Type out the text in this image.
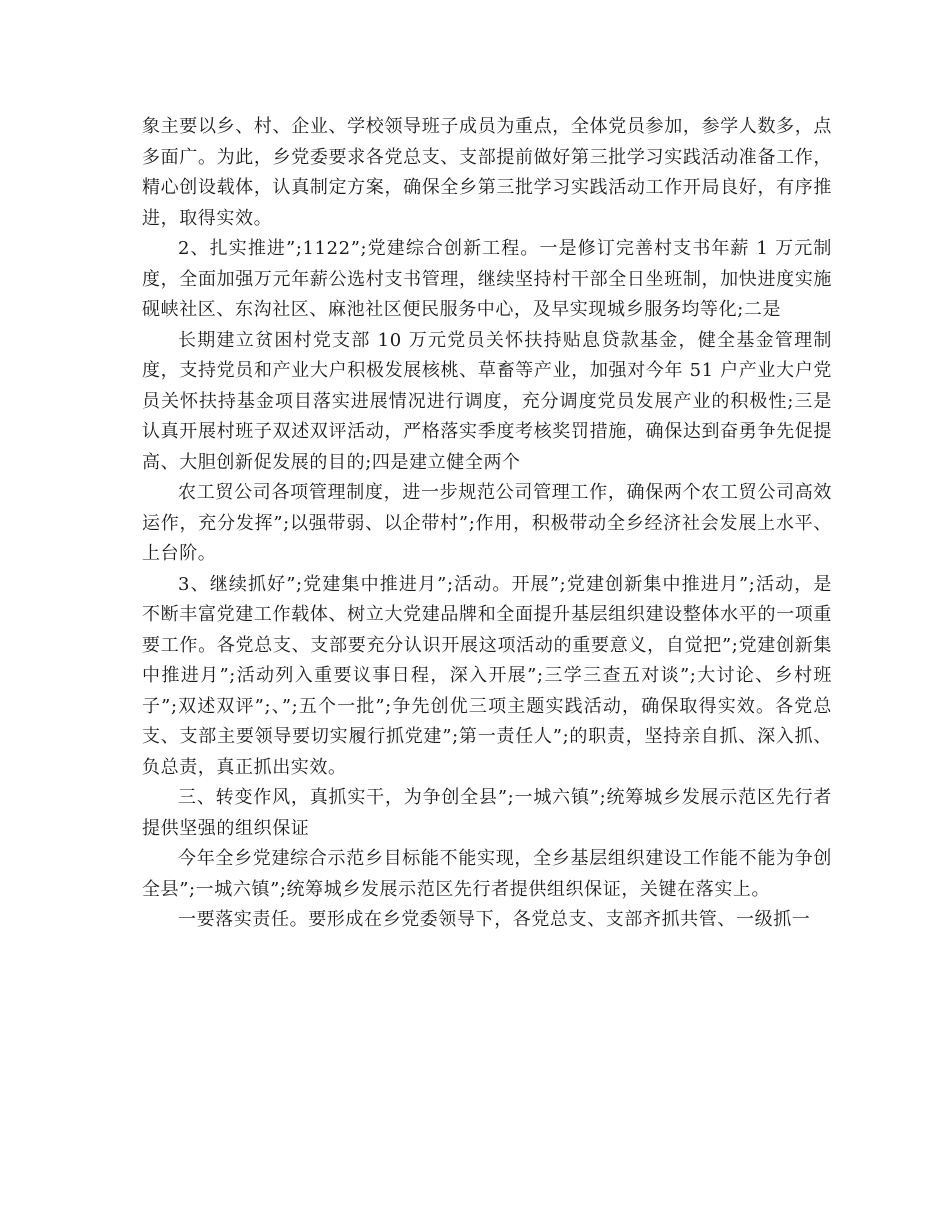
象主要以乡、村、企业、学校领导班子成员为重点，全体党员参加，参学人数多，点多面广。为此，乡党委要求各党总支、支部提前做好第三批学习实践活动准备工作，精心创设载体，认真制定方案，确保全乡第三批学习实践活动工作开局良好，有序推进，取得实效。

2、扎实推进”;1122”;党建综合创新工程。一是修订完善村支书年薪 1 万元制度，全面加强万元年薪公选村支书管理，继续坚持村干部全日坐班制，加快进度实施砚峡社区、东沟社区、麻池社区便民服务中心，及早实现城乡服务均等化;二是

长期建立贫困村党支部 10 万元党员关怀扶持贴息贷款基金，健全基金管理制度，支持党员和产业大户积极发展核桃、草畜等产业，加强对今年 51 户产业大户党员关怀扶持基金项目落实进展情况进行调度，充分调度党员发展产业的积极性;三是认真开展村班子双述双评活动，严格落实季度考核奖罚措施，确保达到奋勇争先促提高、大胆创新促发展的目的;四是建立健全两个

农工贸公司各项管理制度，进一步规范公司管理工作，确保两个农工贸公司高效运作，充分发挥”;以强带弱、以企带村”;作用，积极带动全乡经济社会发展上水平、上台阶。

3、继续抓好”;党建集中推进月”;活动。开展”;党建创新集中推进月”;活动，是不断丰富党建工作载体、树立大党建品牌和全面提升基层组织建设整体水平的一项重要工作。各党总支、支部要充分认识开展这项活动的重要意义，自觉把”;党建创新集中推进月”;活动列入重要议事日程，深入开展”;三学三查五对谈”;大讨论、乡村班子”;双述双评”;、”;五个一批”;争先创优三项主题实践活动，确保取得实效。各党总支、支部主要领导要切实履行抓党建”;第一责任人”;的职责，坚持亲自抓、深入抓、负总责，真正抓出实效。

三、转变作风，真抓实干，为争创全县”;一城六镇”;统筹城乡发展示范区先行者提供坚强的组织保证

今年全乡党建综合示范乡目标能不能实现，全乡基层组织建设工作能不能为争创全县”;一城六镇”;统筹城乡发展示范区先行者提供组织保证，关键在落实上。

一要落实责任。要形成在乡党委领导下，各党总支、支部齐抓共管、一级抓一
